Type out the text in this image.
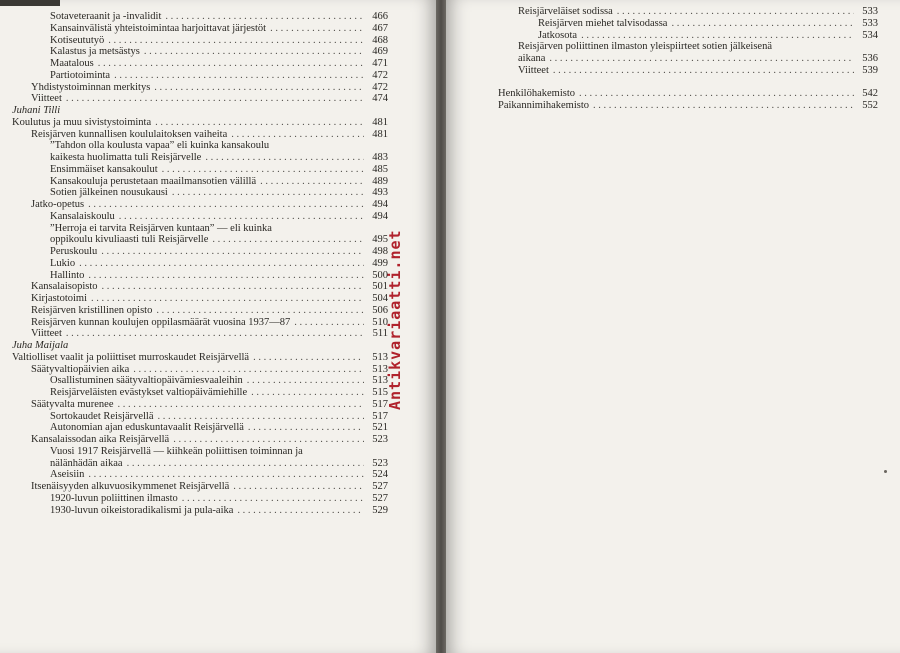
Sotaveteraanit ja -invalidit . . .	466
Kansainvälistä yhteistoimintaa harjoittavat järjestöt . . .	467
Kotiseututyö . . .	468
Kalastus ja metsästys . . .	469
Maatalous . . .	471
Partiotoiminta . . .	472
Yhdistystoiminnan merkitys . . .	472
Viitteet . . .	474
Juhani Tilli
Koulutus ja muu sivistystoiminta . . .	481
Reisjärven kunnallisen koululaitoksen vaiheita . . .	481
”Tahdon olla koulusta vapaa” eli kuinka kansakoulu
kaikesta huolimatta tuli Reisjärvelle . . .	483
Ensimmäiset kansakoulut . . .	485
Kansakouluja perustetaan maailmansotien välillä . . .	489
Sotien jälkeinen nousukausi . . .	493
Jatko-opetus . . .	494
Kansalaiskoulu . . .	494
”Herroja ei tarvita Reisjärven kuntaan” — eli kuinka
oppikoulu kivuliaasti tuli Reisjärvelle . . .	495
Peruskoulu . . .	498
Lukio . . .	499
Hallinto . . .	500
Kansalaisopisto . . .	501
Kirjastotoimi . . .	504
Reisjärven kristillinen opisto . . .	506
Reisjärven kunnan koulujen oppilasmäärät vuosina 1937—87 . . .	510
Viitteet . . .	511
Juha Maijala
Valtiolliset vaalit ja poliittiset murroskaudet Reisjärvellä . . .	513
Säätyvaltiopäivien aika . . .	513
Osallistuminen säätyvaltiopäivämiesvaaleihin . . .	513
Reisjärveläisten evästykset valtiopäivämiehille . . .	515
Säätyvalta murenee . . .	517
Sortokaudet Reisjärvellä . . .	517
Autonomian ajan eduskuntavaalit Reisjärvellä . . .	521
Kansalaissodan aika Reisjärvellä . . .	523
Vuosi 1917 Reisjärvellä — kiihkeän poliittisen toiminnan ja
nälänhädän aikaa . . .	523
Aseisiin . . .	524
Itsenäisyyden alkuvuosikymmenet Reisjärvellä . . .	527
1920-luvun poliittinen ilmasto . . .	527
1930-luvun oikeistoradikalismi ja pula-aika . . .	529
Antikvariaatti.net
Reisjärveläiset sodissa . . .	533
Reisjärven miehet talvisodassa . . .	533
Jatkosota . . .	534
Reisjärven poliittinen ilmaston yleispiirteet sotien jälkeisenä
aikana . . .	536
Viitteet . . .	539
Henkilöhakemisto . . .	542
Paikannimihakemisto . . .	552
